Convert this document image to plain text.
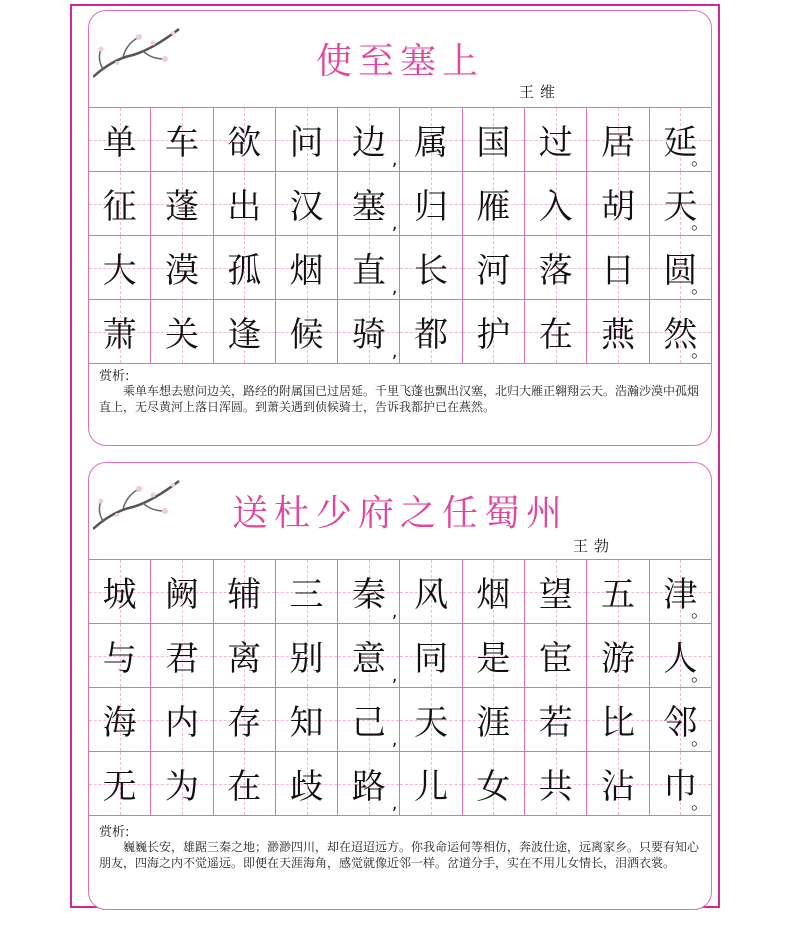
使至塞上
王维
单 车 欲 问 边 , 属 国 过 居 延
。
征 蓬 出 汉 塞 , 归 雁 入 胡 天
。
大 漠 孤 烟 直 , 长 河 落 日 圆
。
萧 关 逢 候 骑 , 都 护 在 燕 然
。
赏析:
乘单车想去慰问边关，路经的附属国已过居延。千里飞蓬也飘出汉塞，北归大雁正翱翔云天。浩瀚沙漠中孤烟直上，无尽黄河上落日浑圆。到萧关遇到侦候骑士，告诉我都护已在燕然。
送杜少府之任蜀州
王勃
城 阙 辅 三 秦 , 风 烟 望 五 津
。
与 君 离 别 意 , 同 是 宦 游 人
。
海 内 存 知 己 , 天 涯 若 比 邻
。
无 为 在 歧 路 , 儿 女 共 沾 巾
。
赏析:
巍巍长安，雄踞三秦之地；渺渺四川，却在迢迢远方。你我命运何等相仿，奔波仕途，远离家乡。只要有知心朋友，四海之内不觉遥远。即便在天涯海角，感觉就像近邻一样。岔道分手，实在不用儿女情长，泪洒衣裳。
